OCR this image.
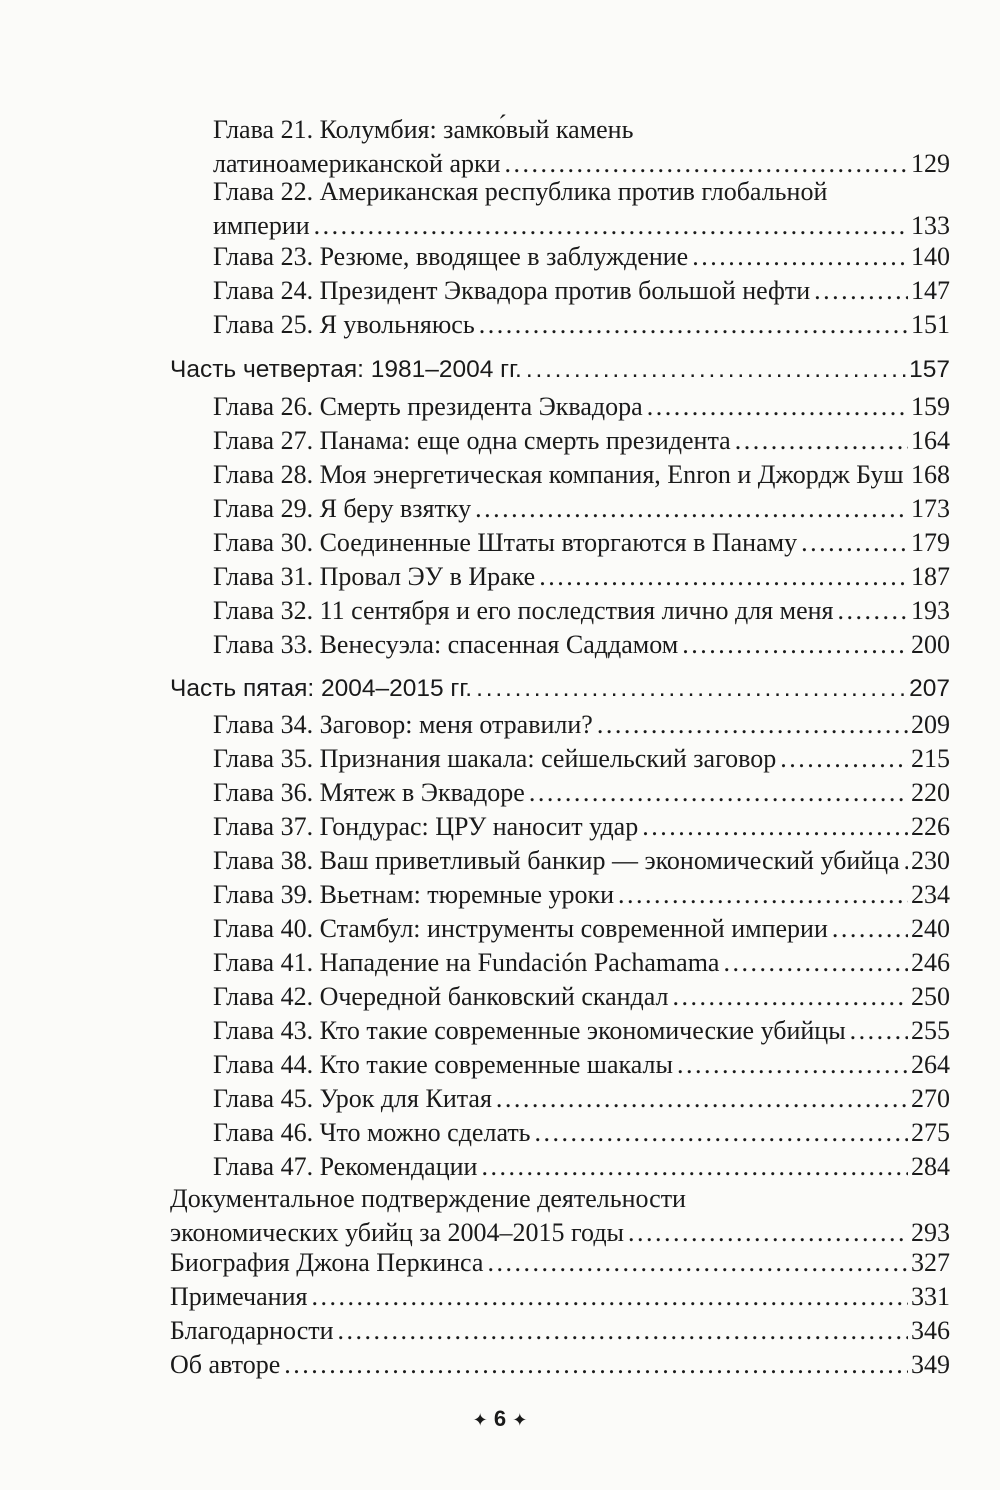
Глава 21. Колумбия: замко́вый камень
латиноамериканской арки . . .	129
Глава 22. Американская республика против глобальной
империи . . .	133
Глава 23. Резюме, вводящее в заблуждение . . .	140
Глава 24. Президент Эквадора против большой нефти . . .	147
Глава 25. Я увольняюсь . . .	151
Часть четвертая: 1981–2004 гг. . . .	157
Глава 26. Смерть президента Эквадора . . .	159
Глава 27. Панама: еще одна смерть президента . . .	164
Глава 28. Моя энергетическая компания, Enron и Джордж Буш . . . 168
Глава 29. Я беру взятку . . .	173
Глава 30. Соединенные Штаты вторгаются в Панаму . . .	179
Глава 31. Провал ЭУ в Ираке . . .	187
Глава 32. 11 сентября и его последствия лично для меня . . .	193
Глава 33. Венесуэла: спасенная Саддамом . . .	200
Часть пятая: 2004–2015 гг. . . .	207
Глава 34. Заговор: меня отравили? . . .	209
Глава 35. Признания шакала: сейшельский заговор . . .	215
Глава 36. Мятеж в Эквадоре . . .	220
Глава 37. Гондурас: ЦРУ наносит удар . . .	226
Глава 38. Ваш приветливый банкир — экономический убийца . . . 230
Глава 39. Вьетнам: тюремные уроки . . .	234
Глава 40. Стамбул: инструменты современной империи . . .	240
Глава 41. Нападение на Fundación Pachamama . . .	246
Глава 42. Очередной банковский скандал . . .	250
Глава 43. Кто такие современные экономические убийцы . . .	255
Глава 44. Кто такие современные шакалы . . .	264
Глава 45. Урок для Китая . . .	270
Глава 46. Что можно сделать . . .	275
Глава 47. Рекомендации . . .	284
Документальное подтверждение деятельности
экономических убийц за 2004–2015 годы . . .	293
Биография Джона Перкинса . . .	327
Примечания . . .	331
Благодарности . . .	346
Об авторе . . .	349
✦ 6 ✦
